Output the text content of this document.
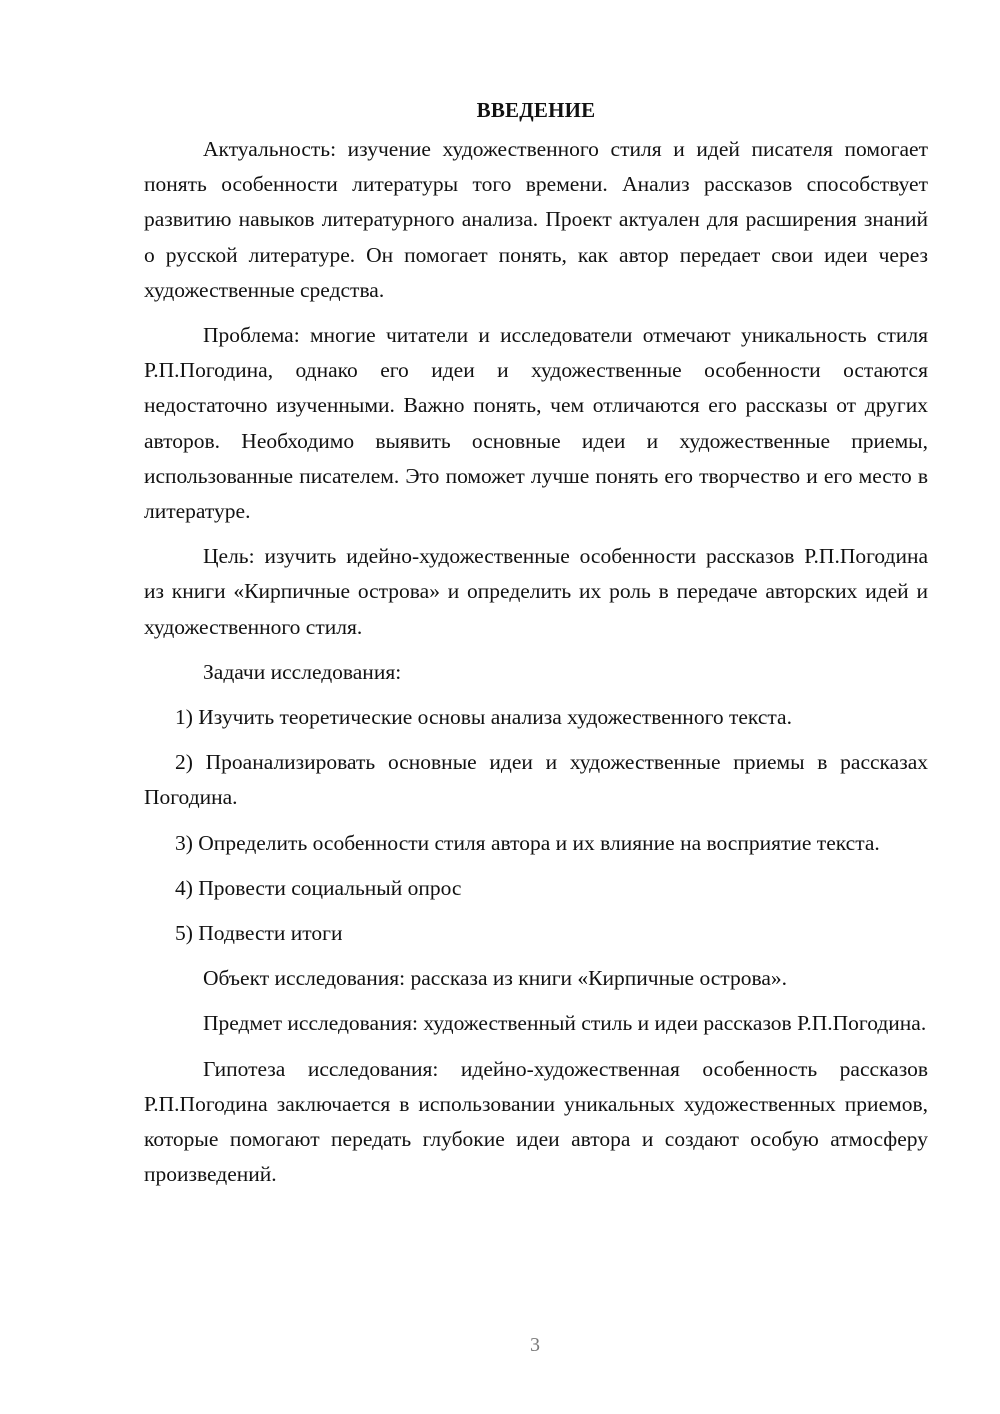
ВВЕДЕНИЕ

Актуальность: изучение художественного стиля и идей писателя помогает понять особенности литературы того времени. Анализ рассказов способствует развитию навыков литературного анализа. Проект актуален для расширения знаний о русской литературе. Он помогает понять, как автор передает свои идеи через художественные средства.

Проблема: многие читатели и исследователи отмечают уникальность стиля Р.П.Погодина, однако его идеи и художественные особенности остаются недостаточно изученными. Важно понять, чем отличаются его рассказы от других авторов. Необходимо выявить основные идеи и художественные приемы, использованные писателем. Это поможет лучше понять его творчество и его место в литературе.

Цель: изучить идейно-художественные особенности рассказов Р.П.Погодина из книги «Кирпичные острова» и определить их роль в передаче авторских идей и художественного стиля.

Задачи исследования:

1) Изучить теоретические основы анализа художественного текста.

2) Проанализировать основные идеи и художественные приемы в рассказах Погодина.

3) Определить особенности стиля автора и их влияние на восприятие текста.

4) Провести социальный опрос

5) Подвести итоги

Объект исследования: рассказа из книги «Кирпичные острова».

Предмет исследования: художественный стиль и идеи рассказов Р.П.Погодина.

Гипотеза исследования: идейно-художественная особенность рассказов Р.П.Погодина заключается в использовании уникальных художественных приемов, которые помогают передать глубокие идеи автора и создают особую атмосферу произведений.

3
